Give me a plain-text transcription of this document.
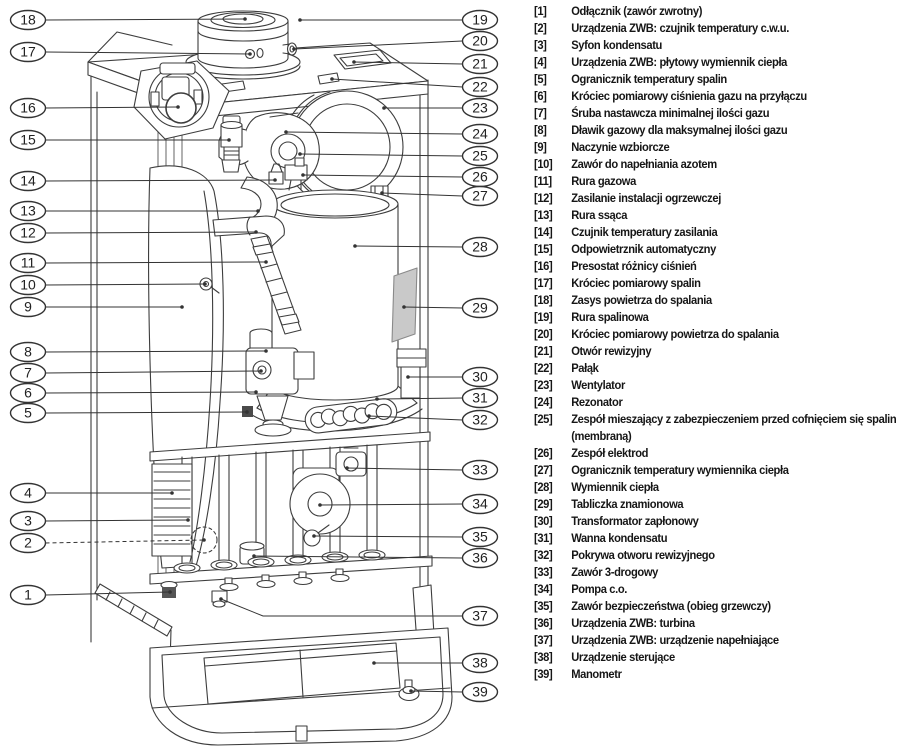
18
17
16
15
14
13
12
11
10
9
8
7
6
5
4
3
2
1
19
20
21
22
23
24
25
26
27
28
29
30
31
32
33
34
35
36
37
38
39
[1]	Odłącznik (zawór zwrotny)
[2]	Urządzenia ZWB: czujnik temperatury c.w.u.
[3]	Syfon kondensatu
[4]	Urządzenia ZWB: płytowy wymiennik ciepła
[5]	Ogranicznik temperatury spalin
[6]	Króciec pomiarowy ciśnienia gazu na przyłączu
[7]	Śruba nastawcza minimalnej ilości gazu
[8]	Dławik gazowy dla maksymalnej ilości gazu
[9]	Naczynie wzbiorcze
[10]	Zawór do napełniania azotem
[11]	Rura gazowa
[12]	Zasilanie instalacji ogrzewczej
[13]	Rura ssąca
[14]	Czujnik temperatury zasilania
[15]	Odpowietrznik automatyczny
[16]	Presostat różnicy ciśnień
[17]	Króciec pomiarowy spalin
[18]	Zasys powietrza do spalania
[19]	Rura spalinowa
[20]	Króciec pomiarowy powietrza do spalania
[21]	Otwór rewizyjny
[22]	Pałąk
[23]	Wentylator
[24]	Rezonator
[25]	Zespół mieszający z zabezpieczeniem przed cofnięciem się spalin
(membraną)
[26]	Zespół elektrod
[27]	Ogranicznik temperatury wymiennika ciepła
[28]	Wymiennik ciepła
[29]	Tabliczka znamionowa
[30]	Transformator zapłonowy
[31]	Wanna kondensatu
[32]	Pokrywa otworu rewizyjnego
[33]	Zawór 3-drogowy
[34]	Pompa c.o.
[35]	Zawór bezpieczeństwa (obieg grzewczy)
[36]	Urządzenia ZWB: turbina
[37]	Urządzenia ZWB: urządzenie napełniające
[38]	Urządzenie sterujące
[39]	Manometr
